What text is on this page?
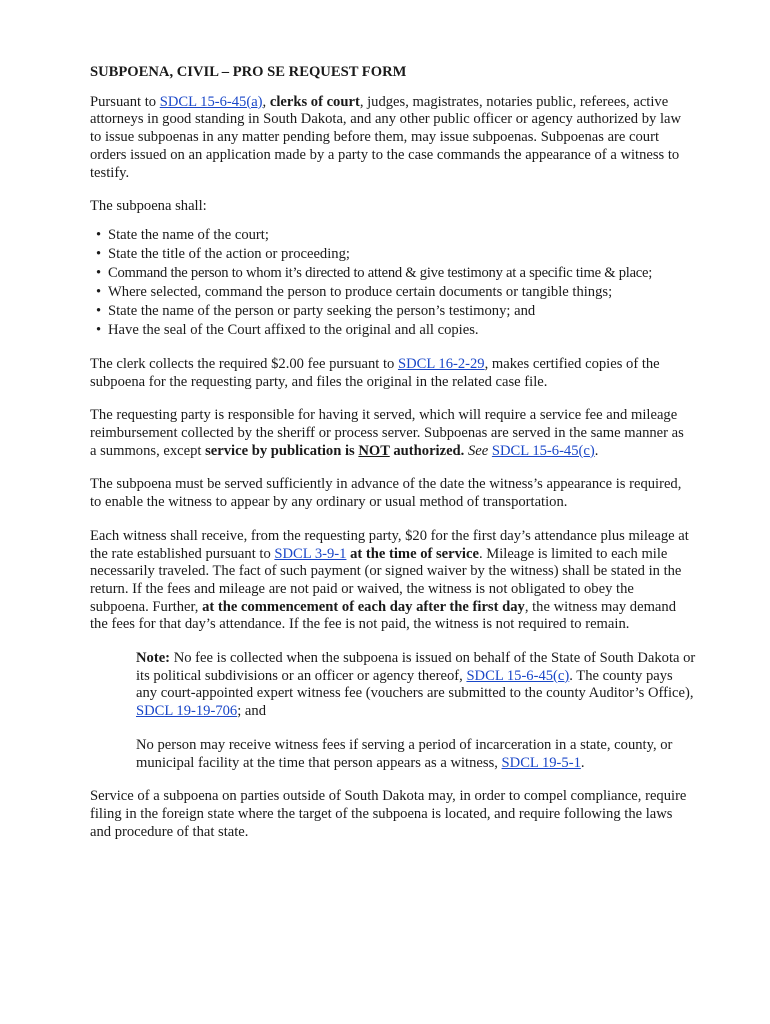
SUBPOENA, CIVIL – PRO SE REQUEST FORM

Pursuant to SDCL 15-6-45(a), clerks of court, judges, magistrates, notaries public, referees, active attorneys in good standing in South Dakota, and any other public officer or agency authorized by law to issue subpoenas in any matter pending before them, may issue subpoenas. Subpoenas are court orders issued on an application made by a party to the case commands the appearance of a witness to testify.

The subpoena shall:

• State the name of the court;
• State the title of the action or proceeding;
• Command the person to whom it’s directed to attend & give testimony at a specific time & place;
• Where selected, command the person to produce certain documents or tangible things;
• State the name of the person or party seeking the person’s testimony; and
• Have the seal of the Court affixed to the original and all copies.

The clerk collects the required $2.00 fee pursuant to SDCL 16-2-29, makes certified copies of the subpoena for the requesting party, and files the original in the related case file.

The requesting party is responsible for having it served, which will require a service fee and mileage reimbursement collected by the sheriff or process server. Subpoenas are served in the same manner as a summons, except service by publication is NOT authorized. See SDCL 15-6-45(c).

The subpoena must be served sufficiently in advance of the date the witness’s appearance is required, to enable the witness to appear by any ordinary or usual method of transportation.

Each witness shall receive, from the requesting party, $20 for the first day’s attendance plus mileage at the rate established pursuant to SDCL 3-9-1 at the time of service. Mileage is limited to each mile necessarily traveled. The fact of such payment (or signed waiver by the witness) shall be stated in the return. If the fees and mileage are not paid or waived, the witness is not obligated to obey the subpoena. Further, at the commencement of each day after the first day, the witness may demand the fees for that day’s attendance. If the fee is not paid, the witness is not required to remain.

Note: No fee is collected when the subpoena is issued on behalf of the State of South Dakota or its political subdivisions or an officer or agency thereof, SDCL 15-6-45(c). The county pays any court-appointed expert witness fee (vouchers are submitted to the county Auditor’s Office), SDCL 19-19-706; and

No person may receive witness fees if serving a period of incarceration in a state, county, or municipal facility at the time that person appears as a witness, SDCL 19-5-1.

Service of a subpoena on parties outside of South Dakota may, in order to compel compliance, require filing in the foreign state where the target of the subpoena is located, and require following the laws and procedure of that state.
